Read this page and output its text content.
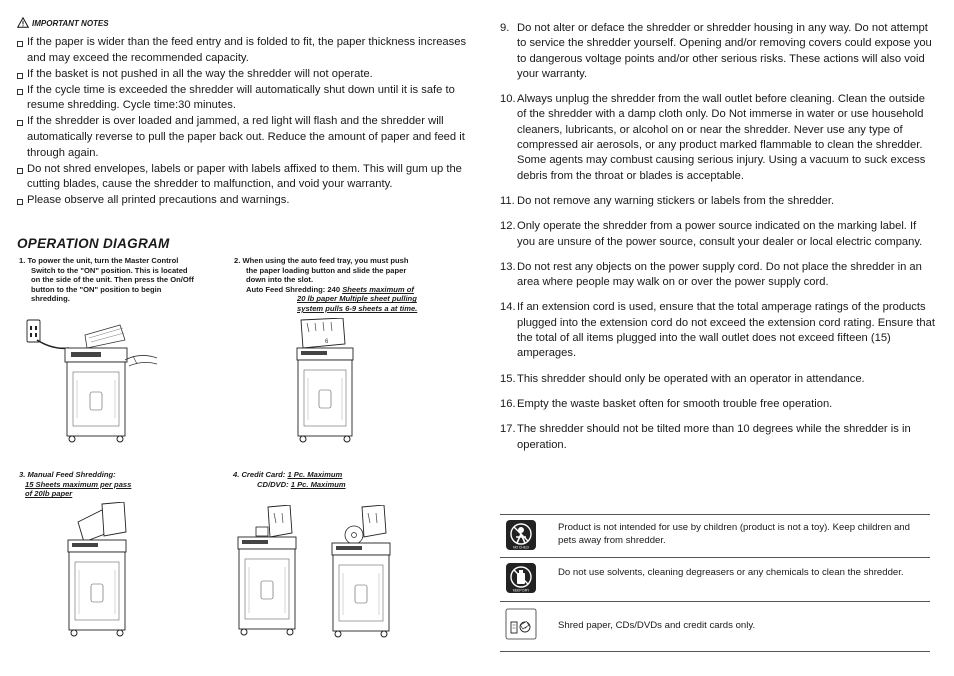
IMPORTANT NOTES
If the paper is wider than the feed entry and is folded to fit, the paper thickness increases and may exceed the recommended capacity.
If the basket is not pushed in all the way the shredder will not operate.
If the cycle time is exceeded the shredder will automatically shut down until it is safe to resume shredding. Cycle time:30 minutes.
If the shredder is over loaded and jammed, a red light will flash and the shredder will automatically reverse to pull the paper back out. Reduce the amount of paper and feed it through again.
Do not shred envelopes, labels or paper with labels affixed to them. This will gum up the cutting blades, cause the shredder to malfunction, and void your warranty.
Please observe all printed precautions and warnings.
OPERATION DIAGRAM
1. To power the unit, turn the Master Control
Switch to the "ON" position. This is located
on the side of the unit. Then press the On/Off
button to the "ON" position to begin
shredding.
2. When using the auto feed tray, you must push
the paper loading button and slide the paper
down into the slot.
Auto Feed Shredding: 240 Sheets maximum of
20 lb paper Multiple sheet pulling
system pulls 6-9 sheets a at time.
3. Manual Feed Shredding:
15 Sheets maximum per pass
of 20lb paper
4. Credit Card: 1 Pc. Maximum
CD/DVD: 1 Pc. Maximum
6
9. Do not alter or deface the shredder or shredder housing in any way. Do not attempt to service the shredder yourself. Opening and/or removing covers could expose you to dangerous voltage points and/or other serious risks. These actions will also void your warranty.
10. Always unplug the shredder from the wall outlet before cleaning. Clean the outside of the shredder with a damp cloth only. Do Not immerse in water or use household cleaners, lubricants, or alcohol on or near the shredder. Never use any type of compressed air aerosols, or any product marked flammable to clean the shredder. Some agents may combust causing serious injury. Using a vacuum to suck excess debris from the throat or blades is acceptable.
11. Do not remove any warning stickers or labels from the shredder.
12. Only operate the shredder from a power source indicated on the marking label. If you are unsure of the power source, consult your dealer or local electric company.
13. Do not rest any objects on the power supply cord. Do not place the shredder in an area where people may walk on or over the power supply cord.
14. If an extension cord is used, ensure that the total amperage ratings of the products plugged into the extension cord do not exceed the extension cord rating. Ensure that the total of all items plugged into the wall outlet does not exceed fifteen (15) amperages.
15. This shredder should only be operated with an operator in attendance.
16. Empty the waste basket often for smooth trouble free operation.
17. The shredder should not be tilted more than 10 degrees while the shredder is in operation.
NO CHILD
Product is not intended for use by children (product is not a toy). Keep children and pets away from shredder.
KEEP DRY
Do not use solvents, cleaning degreasers or any chemicals to clean the shredder.
Shred paper, CDs/DVDs and credit cards only.
